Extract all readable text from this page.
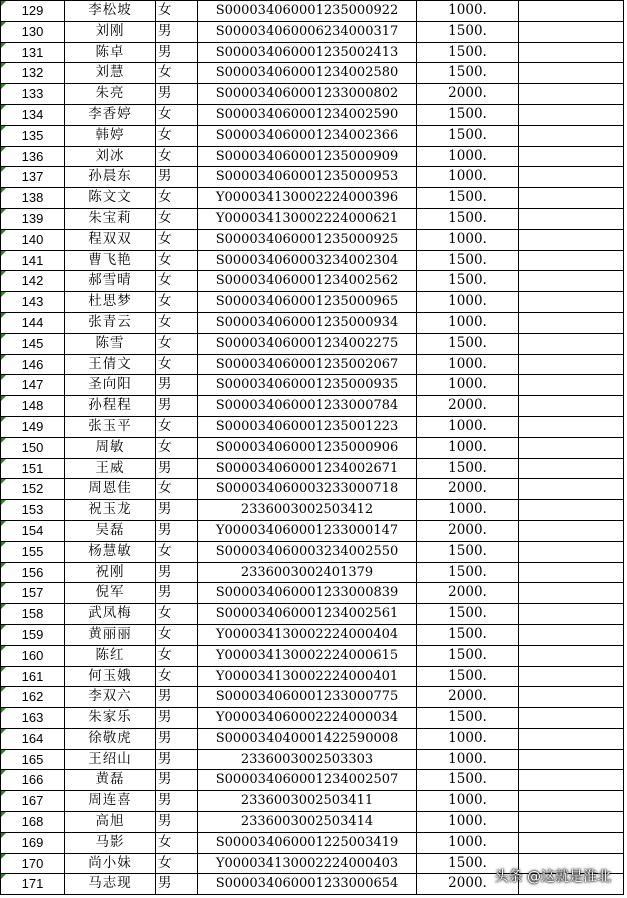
129	李松坡	女	S000034060001235000922	1000.	
130	刘刚	男	S000034060006234000317	1500.	
131	陈卓	男	S000034060001235002413	1500.	
132	刘慧	女	S000034060001234002580	1500.	
133	朱亮	男	S000034060001233000802	2000.	
134	李香婷	女	S000034060001234002590	1500.	
135	韩婷	女	S000034060001234002366	1500.	
136	刘冰	女	S000034060001235000909	1000.	
137	孙晨东	男	S000034060001235000953	1000.	
138	陈文文	女	Y000034130002224000396	1500.	
139	朱宝莉	女	Y000034130002224000621	1500.	
140	程双双	女	S000034060001235000925	1000.	
141	曹飞艳	女	S000034060003234002304	1500.	
142	郝雪晴	女	S000034060001234002562	1500.	
143	杜思梦	女	S000034060001235000965	1000.	
144	张青云	女	S000034060001235000934	1000.	
145	陈雪	女	S000034060001234002275	1500.	
146	王倩文	女	S000034060001235002067	1000.	
147	圣向阳	男	S000034060001235000935	1000.	
148	孙程程	男	S000034060001233000784	2000.	
149	张玉平	女	S000034060001235001223	1000.	
150	周敏	女	S000034060001235000906	1000.	
151	王威	男	S000034060001234002671	1500.	
152	周恩佳	女	S000034060003233000718	2000.	
153	祝玉龙	男	2336003002503412	1000.	
154	吴磊	男	Y000034060001233000147	2000.	
155	杨慧敏	女	S000034060003234002550	1500.	
156	祝刚	男	2336003002401379	1500.	
157	倪军	男	S000034060001233000839	2000.	
158	武凤梅	女	S000034060001234002561	1500.	
159	黄丽丽	女	Y000034130002224000404	1500.	
160	陈红	女	Y000034130002224000615	1500.	
161	何玉娥	女	Y000034130002224000401	1500.	
162	李双六	男	S000034060001233000775	2000.	
163	朱家乐	男	Y000034060002224000034	1500.	
164	徐敬虎	男	S000034040001422590008	1000.	
165	王绍山	男	2336003002503303	1000.	
166	黄磊	男	S000034060001234002507	1500.	
167	周连喜	男	2336003002503411	1000.	
168	高旭	男	2336003002503414	1000.	
169	马影	女	S000034060001225003419	1000.	
170	尚小妹	女	Y000034130002224000403	1500.	
171	马志现	男	S000034060001233000654	2000.	头条 @这就是淮北
